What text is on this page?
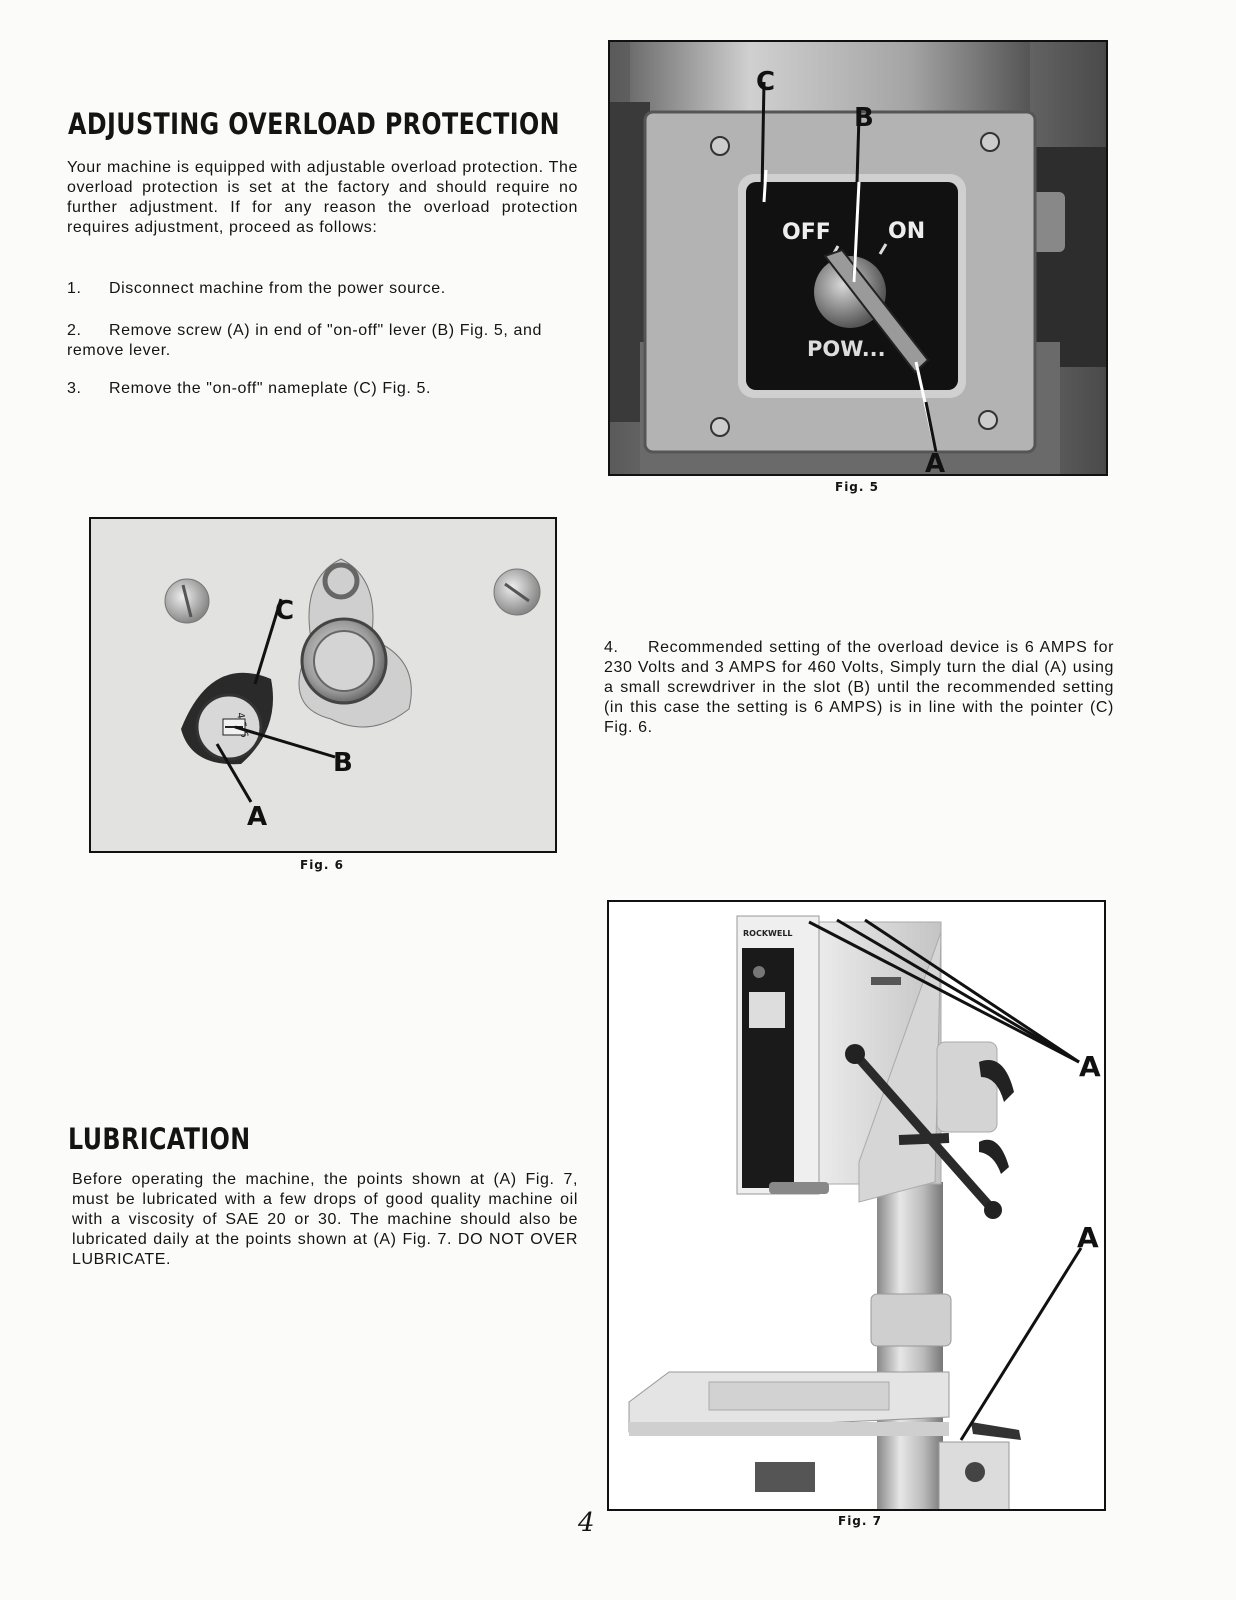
ADJUSTING OVERLOAD PROTECTION

Your machine is equipped with adjustable overload protection. The overload protection is set at the factory and should require no further adjustment. If for any reason the overload protection requires adjustment, proceed as follows:

1. Disconnect machine from the power source.

2. Remove screw (A) in end of "on-off" lever (B) Fig. 5, and remove lever.

3. Remove the "on-off" nameplate (C) Fig. 5.

4. Recommended setting of the overload device is 6 AMPS for 230 Volts and 3 AMPS for 460 Volts, Simply turn the dial (A) using a small screwdriver in the slot (B) until the recommended setting (in this case the setting is 6 AMPS) is in line with the pointer (C) Fig. 6.

OFF	ON
POW...
C
B
A

Fig. 5

4
C
B
A

Fig. 6

LUBRICATION

Before operating the machine, the points shown at (A) Fig. 7, must be lubricated with a few drops of good quality machine oil with a viscosity of SAE 20 or 30. The machine should also be lubricated daily at the points shown at (A) Fig. 7. DO NOT OVER LUBRICATE.

ROCKWELL
A
A

Fig. 7

4
